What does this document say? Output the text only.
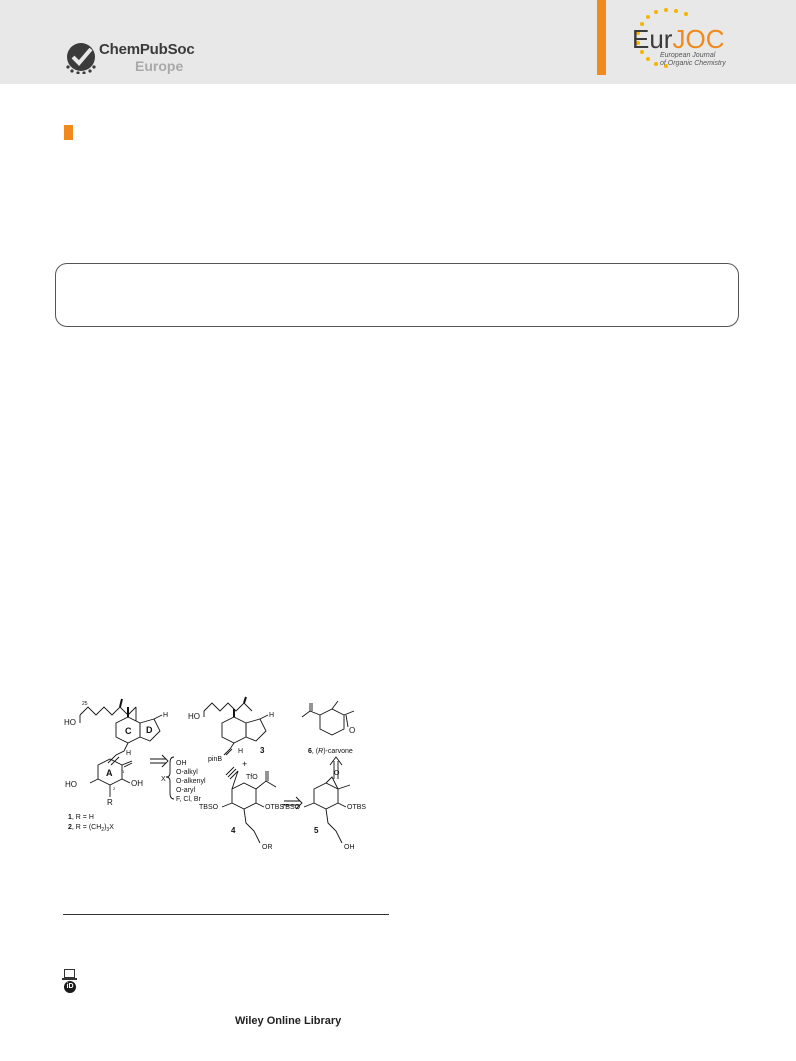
ChemPubSoc
Europe
EurJOC
European Journal
of Organic Chemistry
25
HO
C D
H
H
A
HO	OH
1
2
R
1, R = H
2, $R = (CH_2)_3X$
X
OH
O-alkyl
O-alkenyl
O-aryl
F, Cl, Br
HO	H
H
pinB
3
+
TfO
TBSO	OTBS
4
OR
O
6, (R)-carvone
O
TBSO	OTBS
5
OH
iD
Wiley Online Library
